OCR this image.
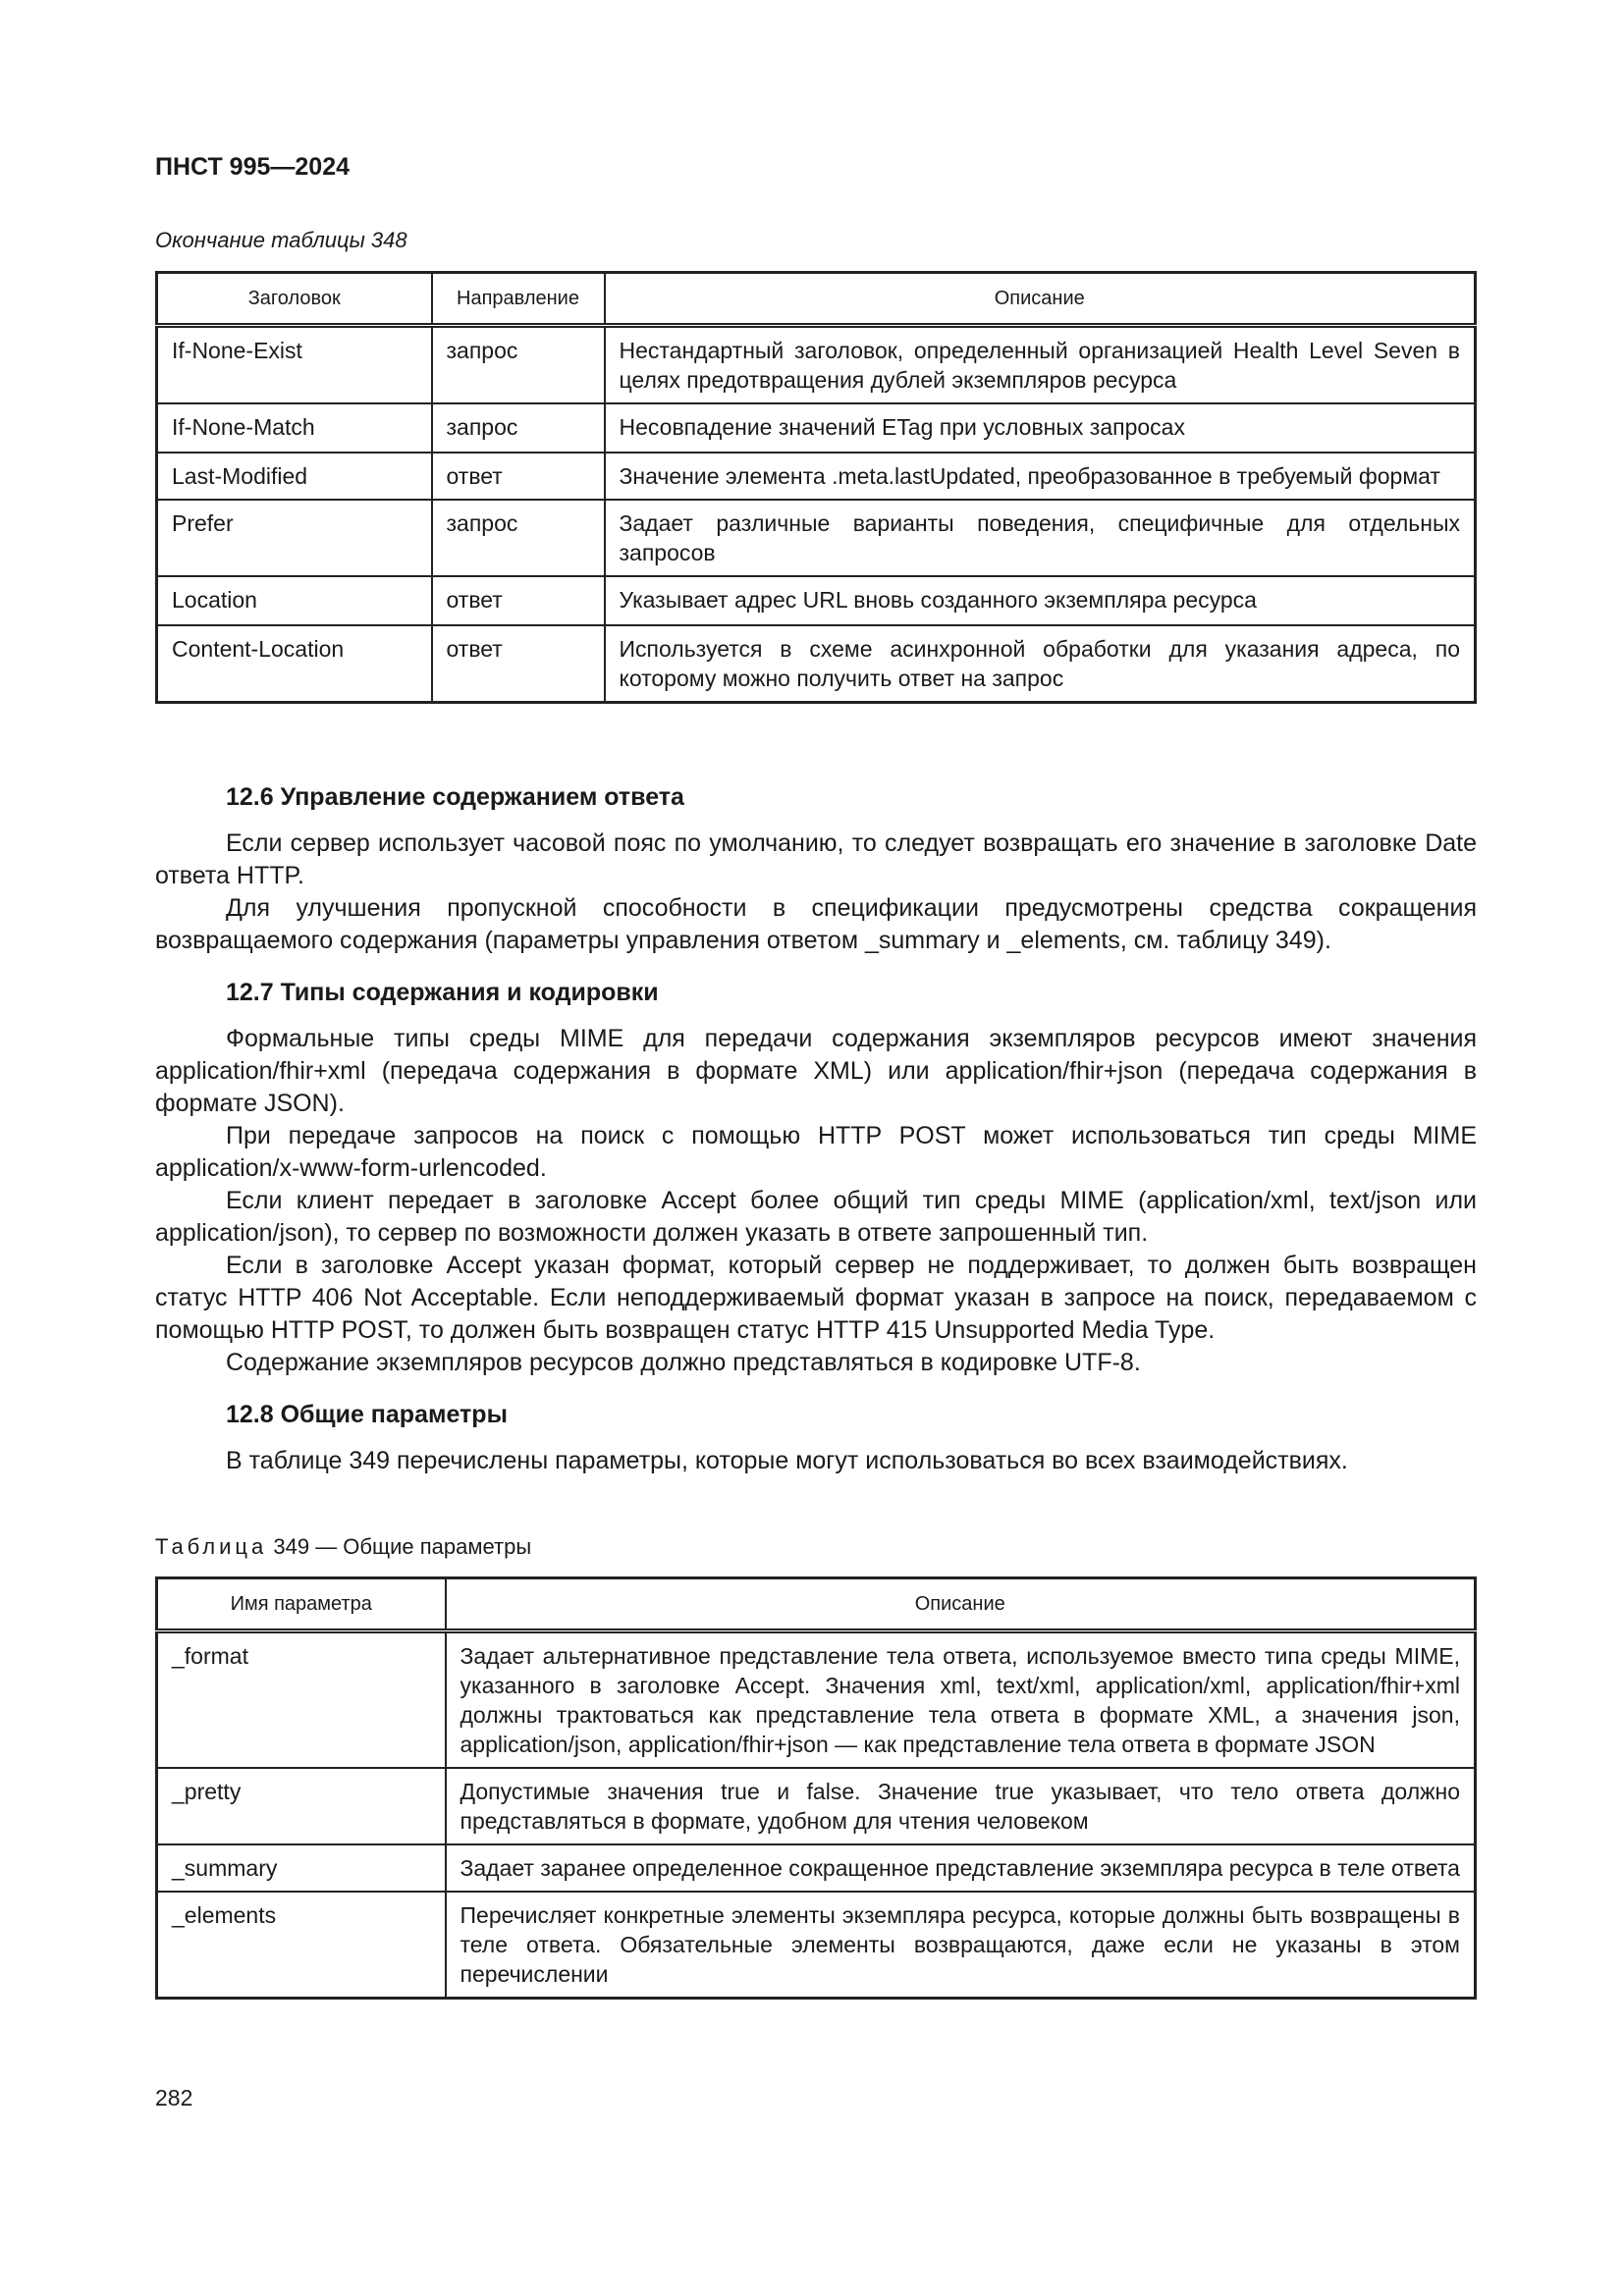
ПНСТ 995—2024
Окончание таблицы 348
Заголовок	Направление	Описание
If-None-Exist	запрос	Нестандартный заголовок, определенный организацией Health Level Seven в целях предотвращения дублей экземпляров ресурса
If-None-Match	запрос	Несовпадение значений ETag при условных запросах
Last-Modified	ответ	Значение элемента .meta.lastUpdated, преобразованное в требуемый формат
Prefer	запрос	Задает различные варианты поведения, специфичные для отдельных запросов
Location	ответ	Указывает адрес URL вновь созданного экземпляра ресурса
Content-Location	ответ	Используется в схеме асинхронной обработки для указания адреса, по которому можно получить ответ на запрос
12.6 Управление содержанием ответа

Если сервер использует часовой пояс по умолчанию, то следует возвращать его значение в заголовке Date ответа HTTP.

Для улучшения пропускной способности в спецификации предусмотрены средства сокращения возвращаемого содержания (параметры управления ответом _summary и _elements, см. таблицу 349).

12.7 Типы содержания и кодировки

Формальные типы среды MIME для передачи содержания экземпляров ресурсов имеют значения application/fhir+xml (передача содержания в формате XML) или application/fhir+json (передача содержания в формате JSON).

При передаче запросов на поиск с помощью HTTP POST может использоваться тип среды MIME application/x-www-form-urlencoded.

Если клиент передает в заголовке Accept более общий тип среды MIME (application/xml, text/json или application/json), то сервер по возможности должен указать в ответе запрошенный тип.

Если в заголовке Accept указан формат, который сервер не поддерживает, то должен быть возвращен статус HTTP 406 Not Acceptable. Если неподдерживаемый формат указан в запросе на поиск, передаваемом с помощью HTTP POST, то должен быть возвращен статус HTTP 415 Unsupported Media Type.

Содержание экземпляров ресурсов должно представляться в кодировке UTF-8.

12.8 Общие параметры

В таблице 349 перечислены параметры, которые могут использоваться во всех взаимодействиях.

Таблица 349 — Общие параметры
Имя параметра	Описание
_format	Задает альтернативное представление тела ответа, используемое вместо типа среды MIME, указанного в заголовке Accept. Значения xml, text/xml, application/xml, application/fhir+xml должны трактоваться как представление тела ответа в формате XML, а значения json, application/json, application/fhir+json — как представление тела ответа в формате JSON
_pretty	Допустимые значения true и false. Значение true указывает, что тело ответа должно представляться в формате, удобном для чтения человеком
_summary	Задает заранее определенное сокращенное представление экземпляра ресурса в теле ответа
_elements	Перечисляет конкретные элементы экземпляра ресурса, которые должны быть возвращены в теле ответа. Обязательные элементы возвращаются, даже если не указаны в этом перечислении
282
